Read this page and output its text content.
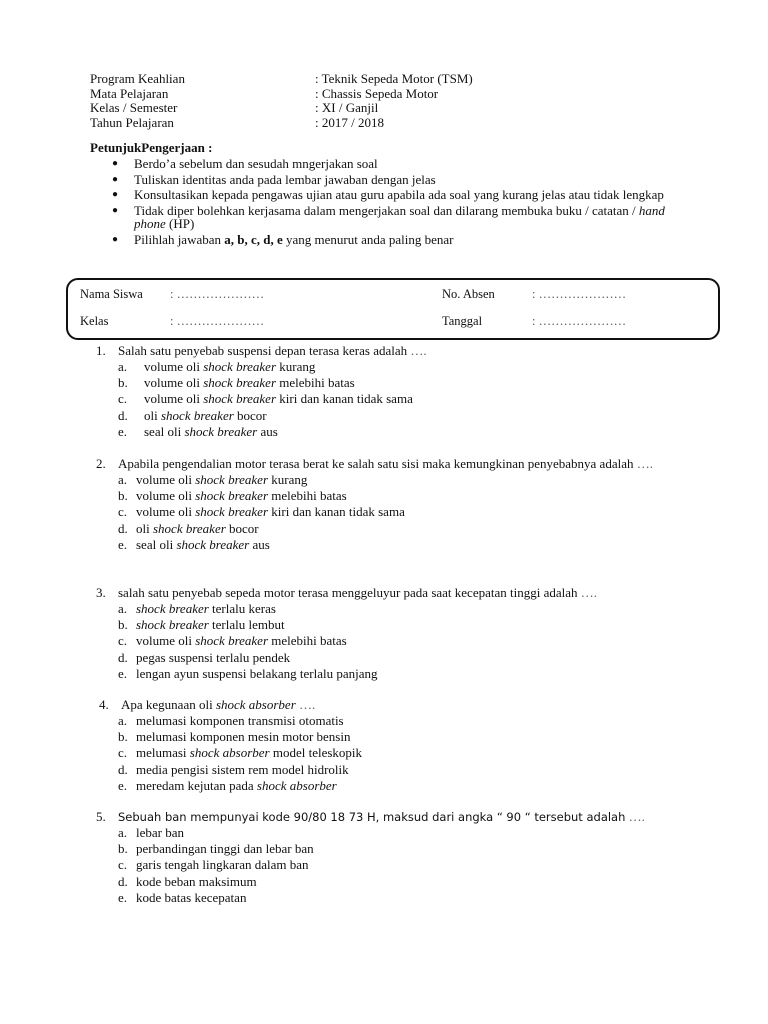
Program Keahlian	: Teknik Sepeda Motor (TSM)
Mata Pelajaran	: Chassis Sepeda Motor
Kelas / Semester	: XI / Ganjil
Tahun Pelajaran	: 2017 / 2018
PetunjukPengerjaan :
● Berdo’a sebelum dan sesudah mngerjakan soal
● Tuliskan identitas anda pada lembar jawaban dengan jelas
● Konsultasikan kepada pengawas ujian atau guru apabila ada soal yang kurang jelas atau tidak lengkap
● Tidak diper bolehkan kerjasama dalam mengerjakan soal dan dilarang membuka buku / catatan / hand phone (HP)
● Pilihlah jawaban a, b, c, d, e yang menurut anda paling benar
Nama Siswa : …………………	No. Absen	: …………………
Kelas	: …………………	Tanggal	: …………………
1. Salah satu penyebab suspensi depan terasa keras adalah ….
a. volume oli shock breaker kurang
b. volume oli shock breaker melebihi batas
c. volume oli shock breaker kiri dan kanan tidak sama
d. oli shock breaker bocor
e. seal oli shock breaker aus
2. Apabila pengendalian motor terasa berat ke salah satu sisi maka kemungkinan penyebabnya adalah ….
a. volume oli shock breaker kurang
b. volume oli shock breaker melebihi batas
c. volume oli shock breaker kiri dan kanan tidak sama
d. oli shock breaker bocor
e. seal oli shock breaker aus
3. salah satu penyebab sepeda motor terasa menggeluyur pada saat kecepatan tinggi adalah ….
a. shock breaker terlalu keras
b. shock breaker terlalu lembut
c. volume oli shock breaker melebihi batas
d. pegas suspensi terlalu pendek
e. lengan ayun suspensi belakang terlalu panjang
4. Apa kegunaan oli shock absorber ….
a. melumasi komponen transmisi otomatis
b. melumasi komponen mesin motor bensin
c. melumasi shock absorber model teleskopik
d. media pengisi sistem rem model hidrolik
e. meredam kejutan pada shock absorber
5. Sebuah ban mempunyai kode 90/80 18 73 H, maksud dari angka “ 90 “ tersebut adalah ….
a. lebar ban
b. perbandingan tinggi dan lebar ban
c. garis tengah lingkaran dalam ban
d. kode beban maksimum
e. kode batas kecepatan
